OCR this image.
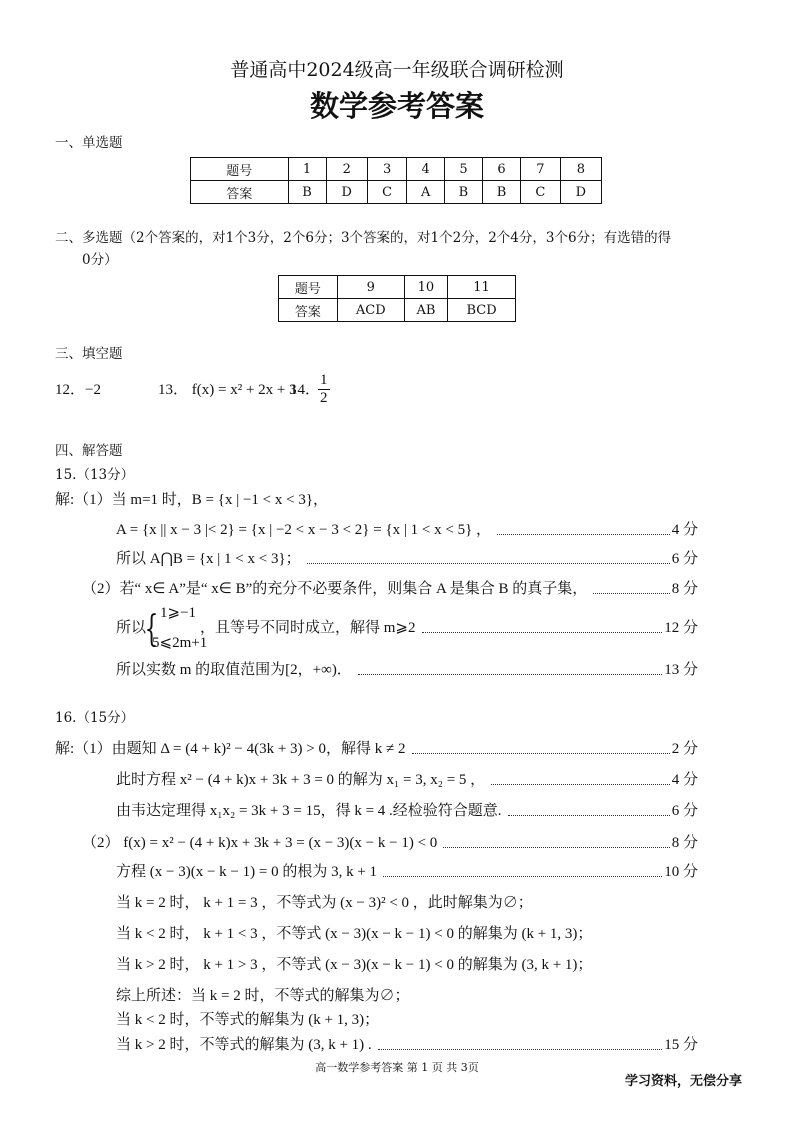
普通高中2024级高一年级联合调研检测
数学参考答案
一、单选题
题号	1	2	3	4	5	6	7	8
答案	B	D	C	A	B	B	C	D
二、多选题（2个答案的，对1个3分，2个6分；3个答案的，对1个2分，2个4分，3个6分；有选错的得
0分）
题号	9	10	11
答案	ACD	AB	BCD
三、填空题
12．−2	13． f(x) = x² + 2x + 3
14．
$\frac{1}{2}$
四、解答题
15.（13分）
解:（1）当 m=1 时，B = {x | −1 < x < 3}，
A = {x || x − 3 |< 2} = {x | −2 < x − 3 < 2} = {x | 1 < x < 5} ，	4 分
所以 A⋂B = {x | 1 < x < 3}；	6 分
（2）若“ x∈ A”是“ x∈ B”的充分不必要条件，则集合 A 是集合 B 的真子集，	8 分
所以	，且等号不同时成立，解得 m⩾2	12 分
所以实数 m 的取值范围为[2，+∞)．	13 分
{ 1⩾−1
5⩽2m+1
16.（15分）
解:（1）由题知 Δ = (4 + k)² − 4(3k + 3) > 0，解得 k ≠ 2	2 分
此时方程 x² − (4 + k)x + 3k + 3 = 0 的解为 x₁ = 3, x₂ = 5 ，	4 分
由韦达定理得 x₁x₂ = 3k + 3 = 15，得 k = 4 .经检验符合题意.	6 分
（2） f(x) = x² − (4 + k)x + 3k + 3 = (x − 3)(x − k − 1) < 0	8 分
方程 (x − 3)(x − k − 1) = 0 的根为 3, k + 1	10 分
当 k = 2 时， k + 1 = 3 ，不等式为 (x − 3)² < 0 ，此时解集为∅；
当 k < 2 时， k + 1 < 3 ，不等式 (x − 3)(x − k − 1) < 0 的解集为 (k + 1, 3)；
当 k > 2 时， k + 1 > 3 ，不等式 (x − 3)(x − k − 1) < 0 的解集为 (3, k + 1)；
综上所述：当 k = 2 时，不等式的解集为∅；
当 k < 2 时，不等式的解集为 (k + 1, 3)；
当 k > 2 时，不等式的解集为 (3, k + 1) .	15 分
高一数学参考答案 第 1 页 共 3页
学习资料，无偿分享
